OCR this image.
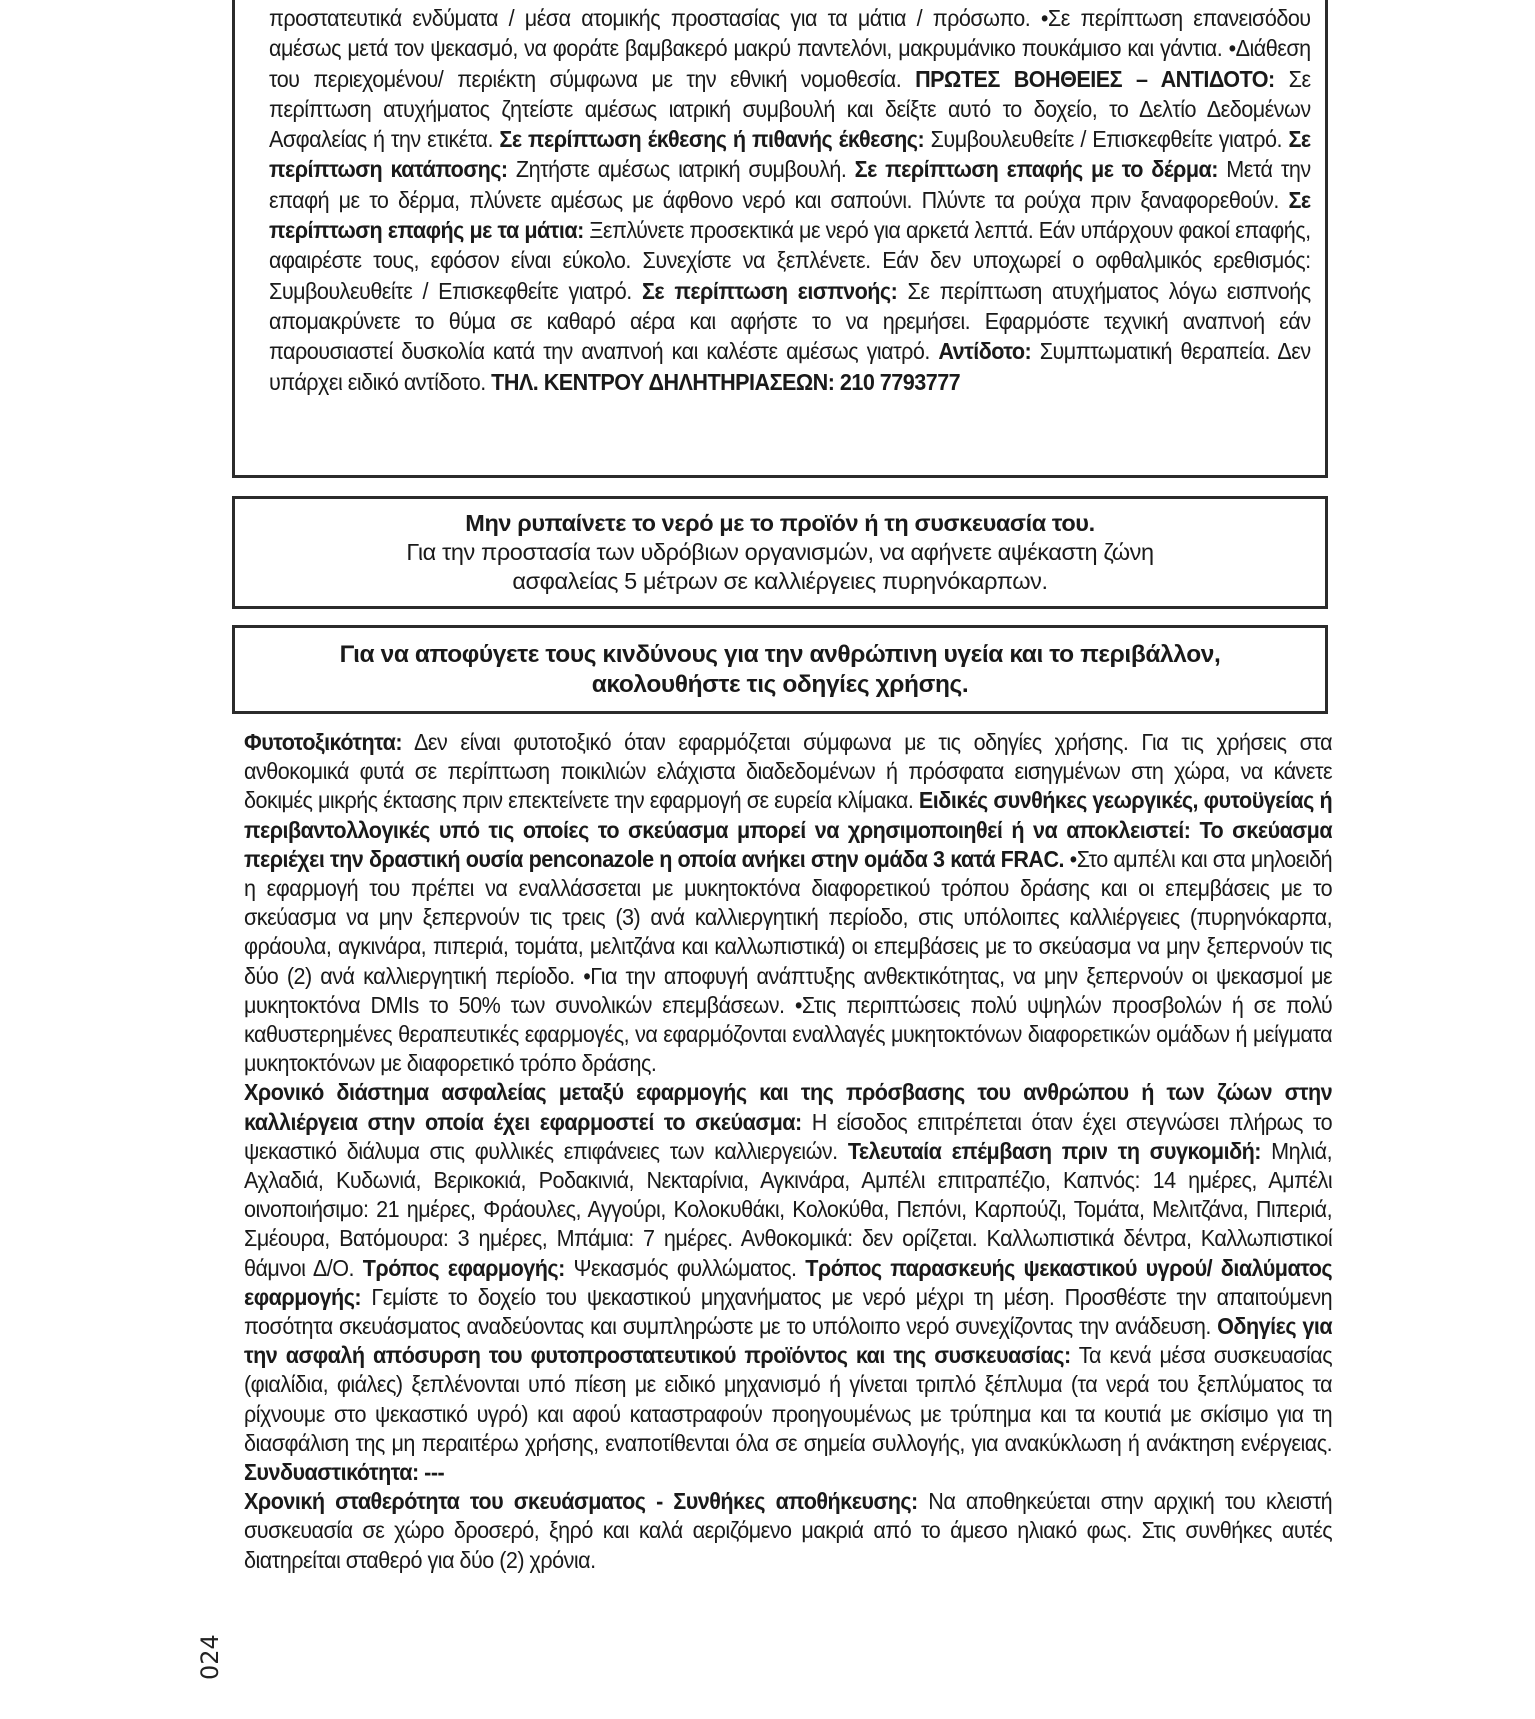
προστατευτικά ενδύματα / μέσα ατομικής προστασίας για τα μάτια / πρόσωπο. •Σε περίπτωση επανεισόδου αμέσως μετά τον ψεκασμό, να φοράτε βαμβακερό μακρύ παντελόνι, μακρυμάνικο πουκάμισο και γάντια. •Διάθεση του περιεχομένου/ περιέκτη σύμφωνα με την εθνική νομοθεσία. ΠΡΩΤΕΣ ΒΟΗΘΕΙΕΣ – ΑΝΤΙΔΟΤΟ: Σε περίπτωση ατυχήματος ζητείστε αμέσως ιατρική συμβουλή και δείξτε αυτό το δοχείο, το Δελτίο Δεδομένων Ασφαλείας ή την ετικέτα. Σε περίπτωση έκθεσης ή πιθανής έκθεσης: Συμβουλευθείτε / Επισκεφθείτε γιατρό. Σε περίπτωση κατάποσης: Ζητήστε αμέσως ιατρική συμβουλή. Σε περίπτωση επαφής με το δέρμα: Μετά την επαφή με το δέρμα, πλύνετε αμέσως με άφθονο νερό και σαπούνι. Πλύντε τα ρούχα πριν ξαναφορεθούν. Σε περίπτωση επαφής με τα μάτια: Ξεπλύνετε προσεκτικά με νερό για αρκετά λεπτά. Εάν υπάρχουν φακοί επαφής, αφαιρέστε τους, εφόσον είναι εύκολο. Συνεχίστε να ξεπλένετε. Εάν δεν υποχωρεί ο οφθαλμικός ερεθισμός: Συμβουλευθείτε / Επισκεφθείτε γιατρό. Σε περίπτωση εισπνοής: Σε περίπτωση ατυχήματος λόγω εισπνοής απομακρύνετε το θύμα σε καθαρό αέρα και αφήστε το να ηρεμήσει. Εφαρμόστε τεχνική αναπνοή εάν παρουσιαστεί δυσκολία κατά την αναπνοή και καλέστε αμέσως γιατρό. Αντίδοτο: Συμπτωματική θεραπεία. Δεν υπάρχει ειδικό αντίδοτο. ΤΗΛ. ΚΕΝΤΡΟΥ ΔΗΛΗΤΗΡΙΑΣΕΩΝ: 210 7793777
Μην ρυπαίνετε το νερό με το προϊόν ή τη συσκευασία του.
Για την προστασία των υδρόβιων οργανισμών, να αφήνετε αψέκαστη ζώνη
ασφαλείας 5 μέτρων σε καλλιέργειες πυρηνόκαρπων.
Για να αποφύγετε τους κινδύνους για την ανθρώπινη υγεία και το περιβάλλον,
ακολουθήστε τις οδηγίες χρήσης.
Φυτοτοξικότητα: Δεν είναι φυτοτοξικό όταν εφαρμόζεται σύμφωνα με τις οδηγίες χρήσης. Για τις χρήσεις στα ανθοκομικά φυτά σε περίπτωση ποικιλιών ελάχιστα διαδεδομένων ή πρόσφατα εισηγμένων στη χώρα, να κάνετε δοκιμές μικρής έκτασης πριν επεκτείνετε την εφαρμογή σε ευρεία κλίμακα. Ειδικές συνθήκες γεωργικές, φυτοϋγείας ή περιβαντολλογικές υπό τις οποίες το σκεύασμα μπορεί να χρησιμοποιηθεί ή να αποκλειστεί: Το σκεύασμα περιέχει την δραστική ουσία penconazole η οποία ανήκει στην ομάδα 3 κατά FRAC. •Στο αμπέλι και στα μηλοειδή η εφαρμογή του πρέπει να εναλλάσσεται με μυκητοκτόνα διαφορετικού τρόπου δράσης και οι επεμβάσεις με το σκεύασμα να μην ξεπερνούν τις τρεις (3) ανά καλλιεργητική περίοδο, στις υπόλοιπες καλλιέργειες (πυρηνόκαρπα, φράουλα, αγκινάρα, πιπεριά, τομάτα, μελιτζάνα και καλλωπιστικά) οι επεμβάσεις με το σκεύασμα να μην ξεπερνούν τις δύο (2) ανά καλλιεργητική περίοδο. •Για την αποφυγή ανάπτυξης ανθεκτικότητας, να μην ξεπερνούν οι ψεκασμοί με μυκητοκτόνα DMIs το 50% των συνολικών επεμβάσεων. •Στις περιπτώσεις πολύ υψηλών προσβολών ή σε πολύ καθυστερημένες θεραπευτικές εφαρμογές, να εφαρμόζονται εναλλαγές μυκητοκτόνων διαφορετικών ομάδων ή μείγματα μυκητοκτόνων με διαφορετικό τρόπο δράσης.
Χρονικό διάστημα ασφαλείας μεταξύ εφαρμογής και της πρόσβασης του ανθρώπου ή των ζώων στην καλλιέργεια στην οποία έχει εφαρμοστεί το σκεύασμα: Η είσοδος επιτρέπεται όταν έχει στεγνώσει πλήρως το ψεκαστικό διάλυμα στις φυλλικές επιφάνειες των καλλιεργειών. Τελευταία επέμβαση πριν τη συγκομιδή: Μηλιά, Αχλαδιά, Κυδωνιά, Βερικοκιά, Ροδακινιά, Νεκταρίνια, Αγκινάρα, Αμπέλι επιτραπέζιο, Καπνός: 14 ημέρες, Αμπέλι οινοποιήσιμο: 21 ημέρες, Φράουλες, Αγγούρι, Κολοκυθάκι, Κολοκύθα, Πεπόνι, Καρπούζι, Τομάτα, Μελιτζάνα, Πιπεριά, Σμέουρα, Βατόμουρα: 3 ημέρες, Μπάμια: 7 ημέρες. Ανθοκομικά: δεν ορίζεται. Καλλωπιστικά δέντρα, Καλλωπιστικοί θάμνοι Δ/Ο. Τρόπος εφαρμογής: Ψεκασμός φυλλώματος. Τρόπος παρασκευής ψεκαστικού υγρού/ διαλύματος εφαρμογής: Γεμίστε το δοχείο του ψεκαστικού μηχανήματος με νερό μέχρι τη μέση. Προσθέστε την απαιτούμενη ποσότητα σκευάσματος αναδεύοντας και συμπληρώστε με το υπόλοιπο νερό συνεχίζοντας την ανάδευση. Οδηγίες για την ασφαλή απόσυρση του φυτοπροστατευτικού προϊόντος και της συσκευασίας: Τα κενά μέσα συσκευασίας (φιαλίδια, φιάλες) ξεπλένονται υπό πίεση με ειδικό μηχανισμό ή γίνεται τριπλό ξέπλυμα (τα νερά του ξεπλύματος τα ρίχνουμε στο ψεκαστικό υγρό) και αφού καταστραφούν προηγουμένως με τρύπημα και τα κουτιά με σκίσιμο για τη διασφάλιση της μη περαιτέρω χρήσης, εναποτίθενται όλα σε σημεία συλλογής, για ανακύκλωση ή ανάκτηση ενέργειας. Συνδυαστικότητα: ---
Χρονική σταθερότητα του σκευάσματος - Συνθήκες αποθήκευσης: Να αποθηκεύεται στην αρχική του κλειστή συσκευασία σε χώρο δροσερό, ξηρό και καλά αεριζόμενο μακριά από το άμεσο ηλιακό φως. Στις συνθήκες αυτές διατηρείται σταθερό για δύο (2) χρόνια.
024
